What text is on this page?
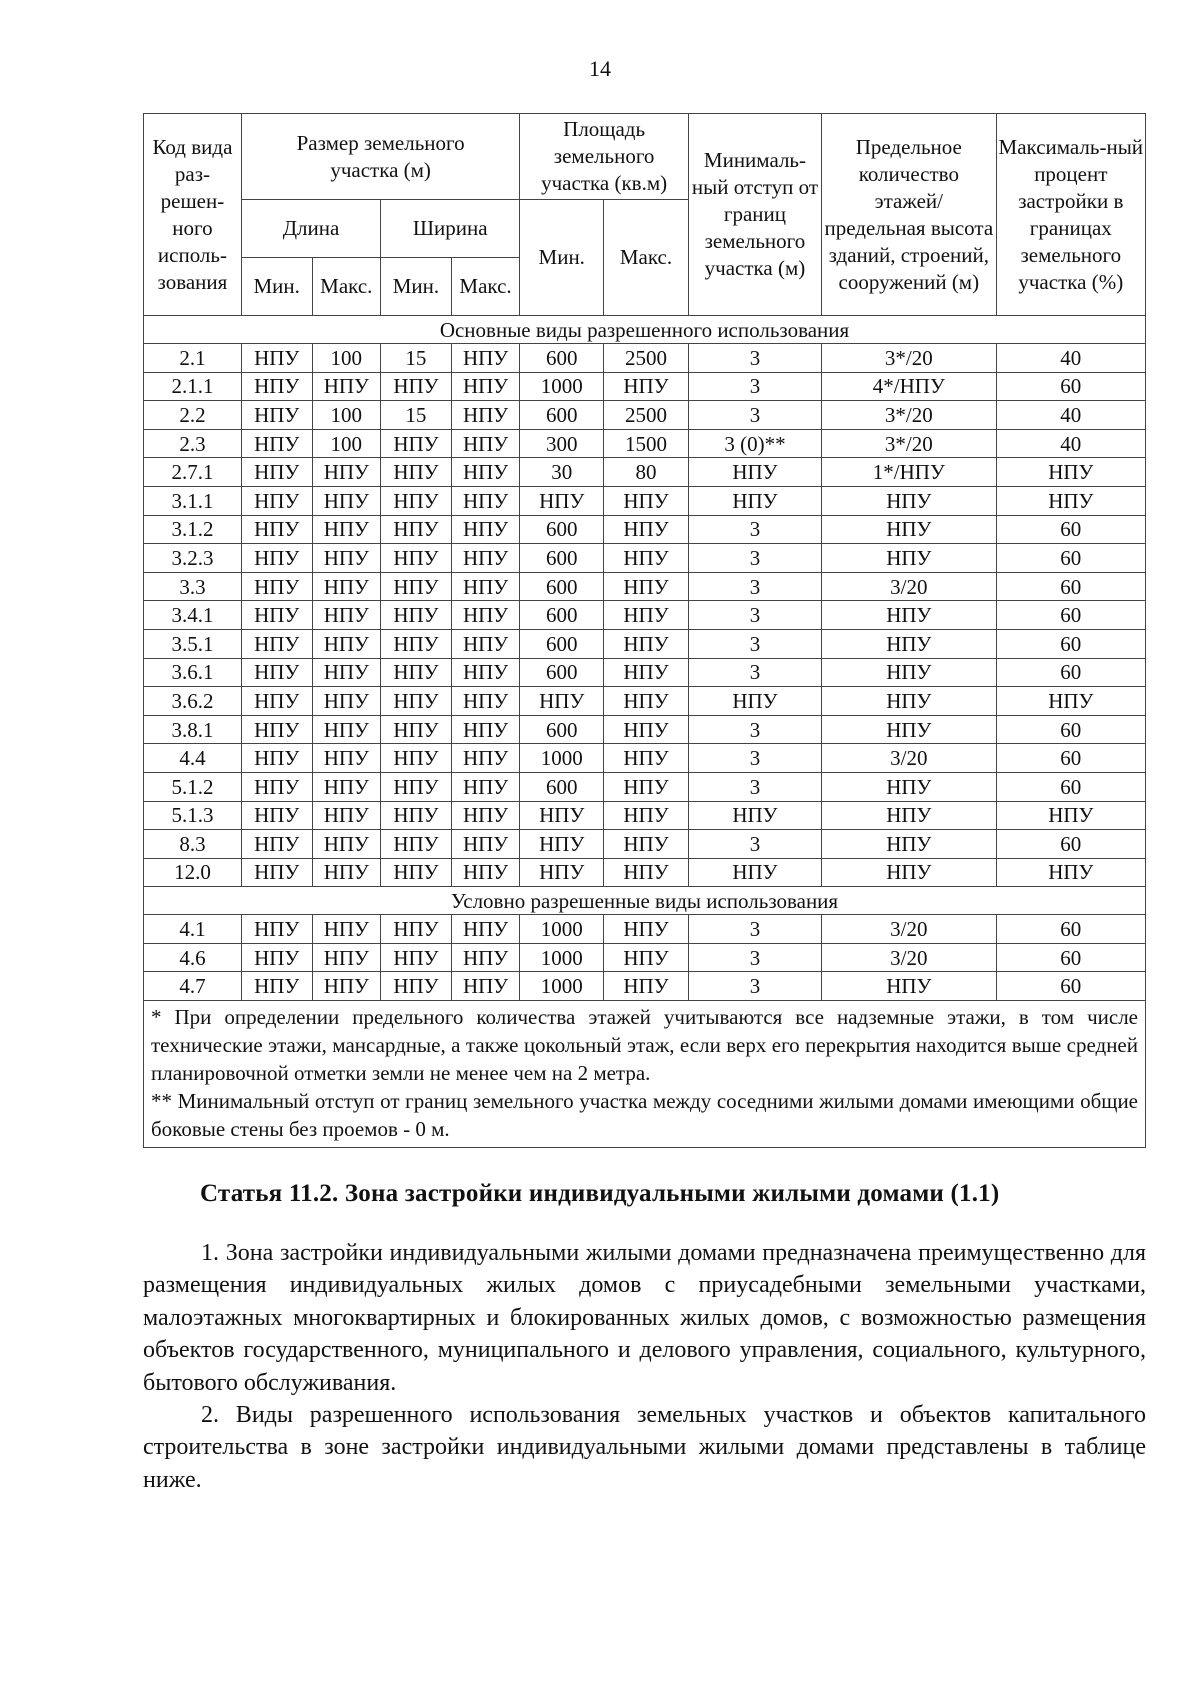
14
Код вида раз-решен-ного исполь-зования	Размер земельного участка (м)				Площадь земельного участка (кв.м)		Минималь-ный отступ от границ земельного участка (м)	Предельное количество этажей/ предельная высота зданий, строений, сооружений (м)	Максималь-ный процент застройки в границах земельного участка (%)
	Длина		Ширина		Мин.	Макс.			
	Мин.	Макс.	Мин.	Макс.					
Основные виды разрешенного использования									
2.1	НПУ	100	15	НПУ	600	2500	3	3*/20	40
2.1.1	НПУ	НПУ	НПУ	НПУ	1000	НПУ	3	4*/НПУ	60
2.2	НПУ	100	15	НПУ	600	2500	3	3*/20	40
2.3	НПУ	100	НПУ	НПУ	300	1500	3 (0)**	3*/20	40
2.7.1	НПУ	НПУ	НПУ	НПУ	30	80	НПУ	1*/НПУ	НПУ
3.1.1	НПУ	НПУ	НПУ	НПУ	НПУ	НПУ	НПУ	НПУ	НПУ
3.1.2	НПУ	НПУ	НПУ	НПУ	600	НПУ	3	НПУ	60
3.2.3	НПУ	НПУ	НПУ	НПУ	600	НПУ	3	НПУ	60
3.3	НПУ	НПУ	НПУ	НПУ	600	НПУ	3	3/20	60
3.4.1	НПУ	НПУ	НПУ	НПУ	600	НПУ	3	НПУ	60
3.5.1	НПУ	НПУ	НПУ	НПУ	600	НПУ	3	НПУ	60
3.6.1	НПУ	НПУ	НПУ	НПУ	600	НПУ	3	НПУ	60
3.6.2	НПУ	НПУ	НПУ	НПУ	НПУ	НПУ	НПУ	НПУ	НПУ
3.8.1	НПУ	НПУ	НПУ	НПУ	600	НПУ	3	НПУ	60
4.4	НПУ	НПУ	НПУ	НПУ	1000	НПУ	3	3/20	60
5.1.2	НПУ	НПУ	НПУ	НПУ	600	НПУ	3	НПУ	60
5.1.3	НПУ	НПУ	НПУ	НПУ	НПУ	НПУ	НПУ	НПУ	НПУ
8.3	НПУ	НПУ	НПУ	НПУ	НПУ	НПУ	3	НПУ	60
12.0	НПУ	НПУ	НПУ	НПУ	НПУ	НПУ	НПУ	НПУ	НПУ
Условно разрешенные виды использования									
4.1	НПУ	НПУ	НПУ	НПУ	1000	НПУ	3	3/20	60
4.6	НПУ	НПУ	НПУ	НПУ	1000	НПУ	3	3/20	60
4.7	НПУ	НПУ	НПУ	НПУ	1000	НПУ	3	НПУ	60

* При определении предельного количества этажей учитываются все надземные этажи, в том числе технические этажи, мансардные, а также цокольный этаж, если верх его перекрытия находится выше средней планировочной отметки земли не менее чем на 2 метра.

** Минимальный отступ от границ земельного участка между соседними жилыми домами имеющими общие боковые стены без проемов - 0 м.									

Статья 11.2. Зона застройки индивидуальными жилыми домами (1.1)

1. Зона застройки индивидуальными жилыми домами предназначена преимущественно для размещения индивидуальных жилых домов с приусадебными земельными участками, малоэтажных многоквартирных и блокированных жилых домов, с возможностью размещения объектов государственного, муниципального и делового управления, социального, культурного, бытового обслуживания.

2. Виды разрешенного использования земельных участков и объектов капитального строительства в зоне застройки индивидуальными жилыми домами представлены в таблице ниже.
